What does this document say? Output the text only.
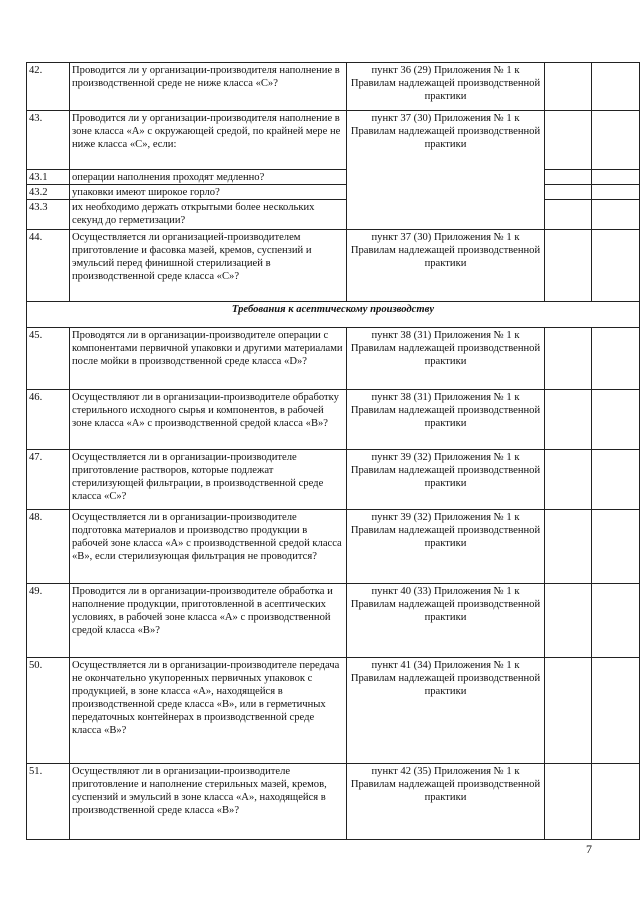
42.	Проводится ли у организации-производителя наполнение в производственной среде не ниже класса «С»?	пункт 36 (29) Приложения № 1 к Правилам надлежащей производственной практики		
43.	Проводится ли у организации-производителя наполнение в зоне класса «А» с окружающей средой, по крайней мере не ниже класса «С», если:	пункт 37 (30) Приложения № 1 к Правилам надлежащей производственной практики		
43.1	операции наполнения проходят медленно?			
43.2	упаковки имеют широкое горло?			
43.3	их необходимо держать открытыми более нескольких секунд до герметизации?			
44.	Осуществляется ли организацией-производителем приготовление и фасовка мазей, кремов, суспензий и эмульсий перед финишной стерилизацией в производственной среде класса «С»?	пункт 37 (30) Приложения № 1 к Правилам надлежащей производственной практики		
Требования к асептическому производству				
45.	Проводятся ли в организации-производителе операции с компонентами первичной упаковки и другими материалами после мойки в производственной среде класса «D»?	пункт 38 (31) Приложения № 1 к Правилам надлежащей производственной практики		
46.	Осуществляют ли в организации-производителе обработку стерильного исходного сырья и компонентов, в рабочей зоне класса «А» с производственной средой класса «В»?	пункт 38 (31) Приложения № 1 к Правилам надлежащей производственной практики		
47.	Осуществляется ли в организации-производителе приготовление растворов, которые подлежат стерилизующей фильтрации, в производственной среде класса «С»?	пункт 39 (32) Приложения № 1 к Правилам надлежащей производственной практики		
48.	Осуществляется ли в организации-производителе подготовка материалов и производство продукции в рабочей зоне класса «А» с производственной средой класса «В», если стерилизующая фильтрация не проводится?	пункт 39 (32) Приложения № 1 к Правилам надлежащей производственной практики		
49.	Проводится ли в организации-производителе обработка и наполнение продукции, приготовленной в асептических условиях, в рабочей зоне класса «А» с производственной средой класса «В»?	пункт 40 (33) Приложения № 1 к Правилам надлежащей производственной практики		
50.	Осуществляется ли в организации-производителе передача не окончательно укупоренных первичных упаковок с продукцией, в зоне класса «А», находящейся в производственной среде класса «В», или в герметичных передаточных контейнерах в производственной среде класса «В»?	пункт 41 (34) Приложения № 1 к Правилам надлежащей производственной практики		
51.	Осуществляют ли в организации-производителе приготовление и наполнение стерильных мазей, кремов, суспензий и эмульсий в зоне класса «А», находящейся в производственной среде класса «В»?	пункт 42 (35) Приложения № 1 к Правилам надлежащей производственной практики		
7
